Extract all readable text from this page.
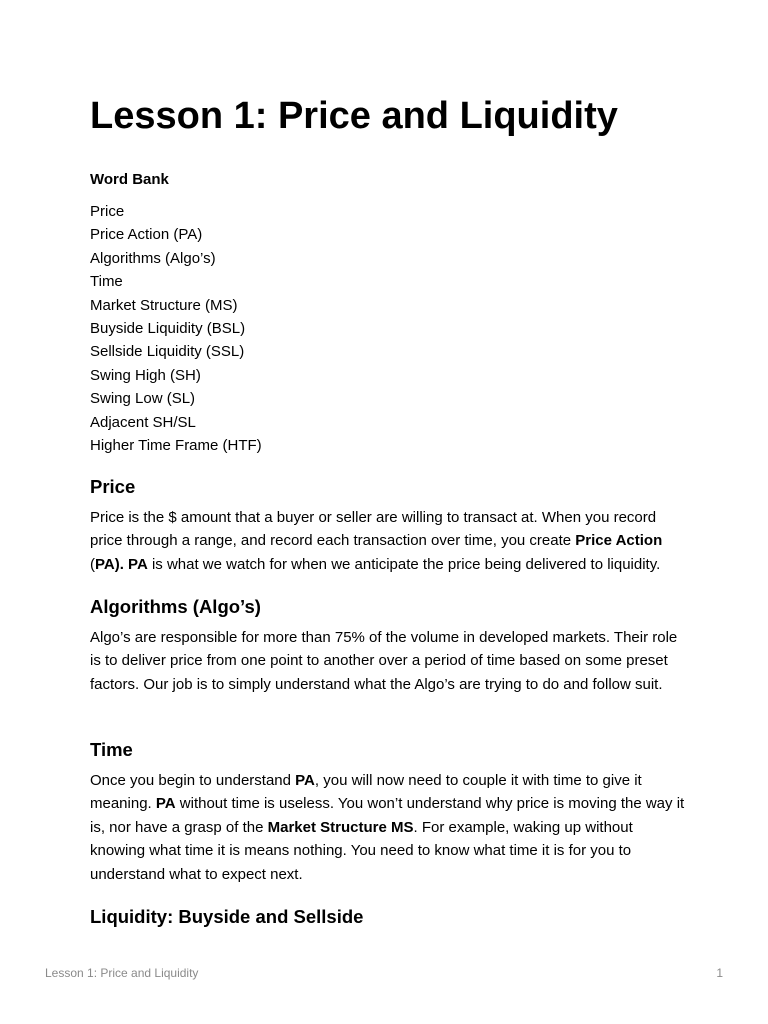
Lesson 1: Price and Liquidity

Word Bank

Price
Price Action (PA)
Algorithms (Algo’s)
Time
Market Structure (MS)
Buyside Liquidity (BSL)
Sellside Liquidity (SSL)
Swing High (SH)
Swing Low (SL)
Adjacent SH/SL
Higher Time Frame (HTF)
Price

Price is the $ amount that a buyer or seller are willing to transact at. When you record price through a range, and record each transaction over time, you create Price Action (PA). PA is what we watch for when we anticipate the price being delivered to liquidity.

Algorithms (Algo’s)

Algo’s are responsible for more than 75% of the volume in developed markets. Their role is to deliver price from one point to another over a period of time based on some preset factors. Our job is to simply understand what the Algo’s are trying to do and follow suit.

Time

Once you begin to understand PA, you will now need to couple it with time to give it meaning. PA without time is useless. You won’t understand why price is moving the way it is, nor have a grasp of the Market Structure MS. For example, waking up without knowing what time it is means nothing. You need to know what time it is for you to understand what to expect next.

Liquidity: Buyside and Sellside
Lesson 1: Price and Liquidity	1
